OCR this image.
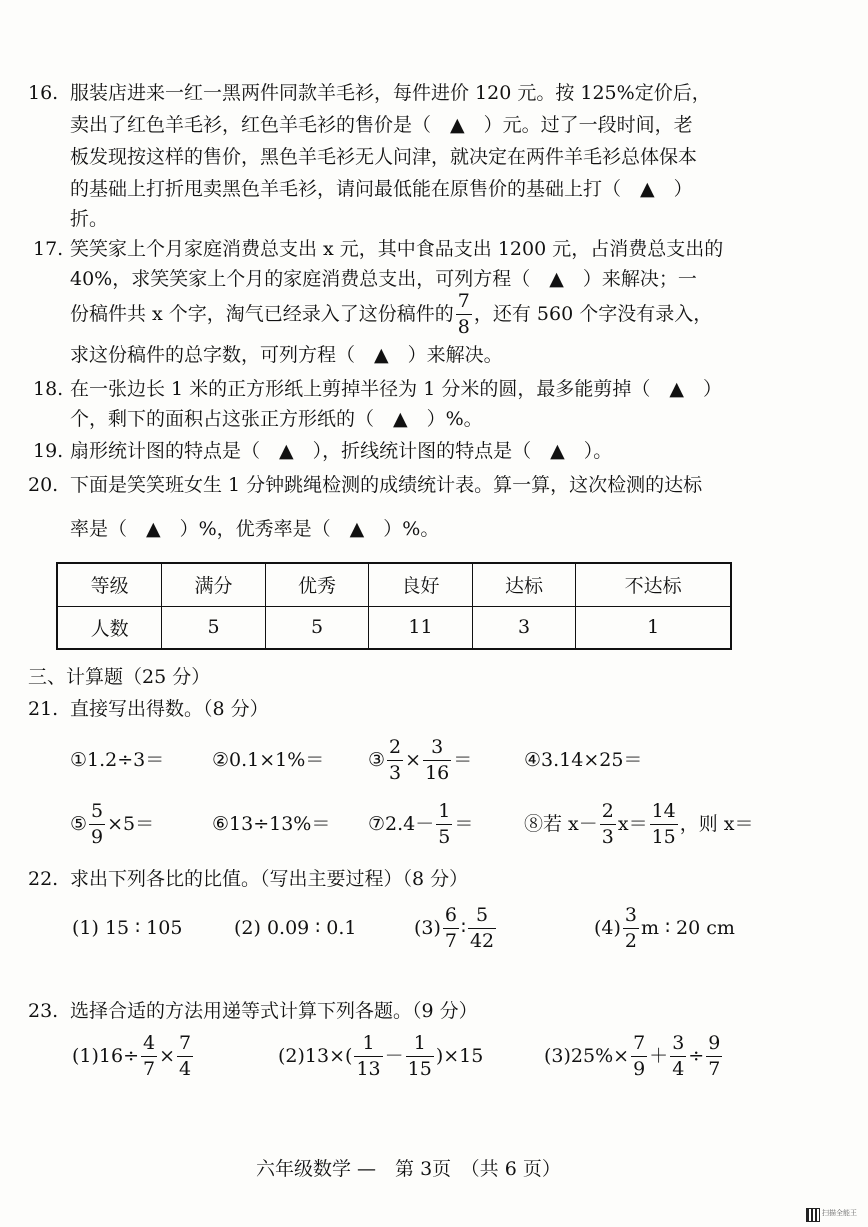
16. 服装店进来一红一黑两件同款羊毛衫，每件进价 120 元。按 125%定价后，
卖出了红色羊毛衫，红色羊毛衫的售价是（　▲　）元。过了一段时间，老
板发现按这样的售价，黑色羊毛衫无人问津，就决定在两件羊毛衫总体保本
的基础上打折甩卖黑色羊毛衫，请问最低能在原售价的基础上打（　▲　）
折。
17. 笑笑家上个月家庭消费总支出 x 元，其中食品支出 1200 元，占消费总支出的
40%，求笑笑家上个月的家庭消费总支出，可列方程（　▲　）来解决；一
份稿件共 x 个字，淘气已经录入了这份稿件的 $\frac{7}{8}$ ，还有 560 个字没有录入，
求这份稿件的总字数，可列方程（　▲　）来解决。
18. 在一张边长 1 米的正方形纸上剪掉半径为 1 分米的圆，最多能剪掉（　▲　）
个，剩下的面积占这张正方形纸的（　▲　）%。
19. 扇形统计图的特点是（　▲　），折线统计图的特点是（　▲　）。
20. 下面是笑笑班女生 1 分钟跳绳检测的成绩统计表。算一算，这次检测的达标
率是（　▲　）%，优秀率是（　▲　）%。
等级	满分	优秀	良好	达标	不达标
人数	5	5	11	3	1
三、计算题（25 分）
21. 直接写出得数。（8 分）
①1.2÷3＝	②0.1×1%＝ ③ $\frac{2}{3} \times \frac{3}{16}$ ＝	④3.14×25＝
⑤ $\frac{5}{9} \times 5=$	⑥13÷13%＝ ⑦2.4－ $\frac{1}{5}$ ＝	⑧若 $x- \frac{2}{3} x= \frac{14}{15}$ ，则 x＝
22. 求出下列各比的比值。（写出主要过程）（8 分）
(1) 15 ∶ 105	(2) 0.09 ∶ 0.1	$(3) \frac{6}{7}$ ∶ $\frac{5}{42}$	$(4) \frac{3}{2}$ m ∶ 20 cm
23. 选择合适的方法用递等式计算下列各题。（9 分）
$(1)16\div \frac{4}{7} \times \frac{7}{4}$	$(2)13\times( \frac{1}{13} - \frac{1}{15} )\times 15$	$(3)25\%\times \frac{7}{9} + \frac{3}{4} \div \frac{9}{7}$
六年级数学 —　第 3页　（共 6 页）
扫描全能王
